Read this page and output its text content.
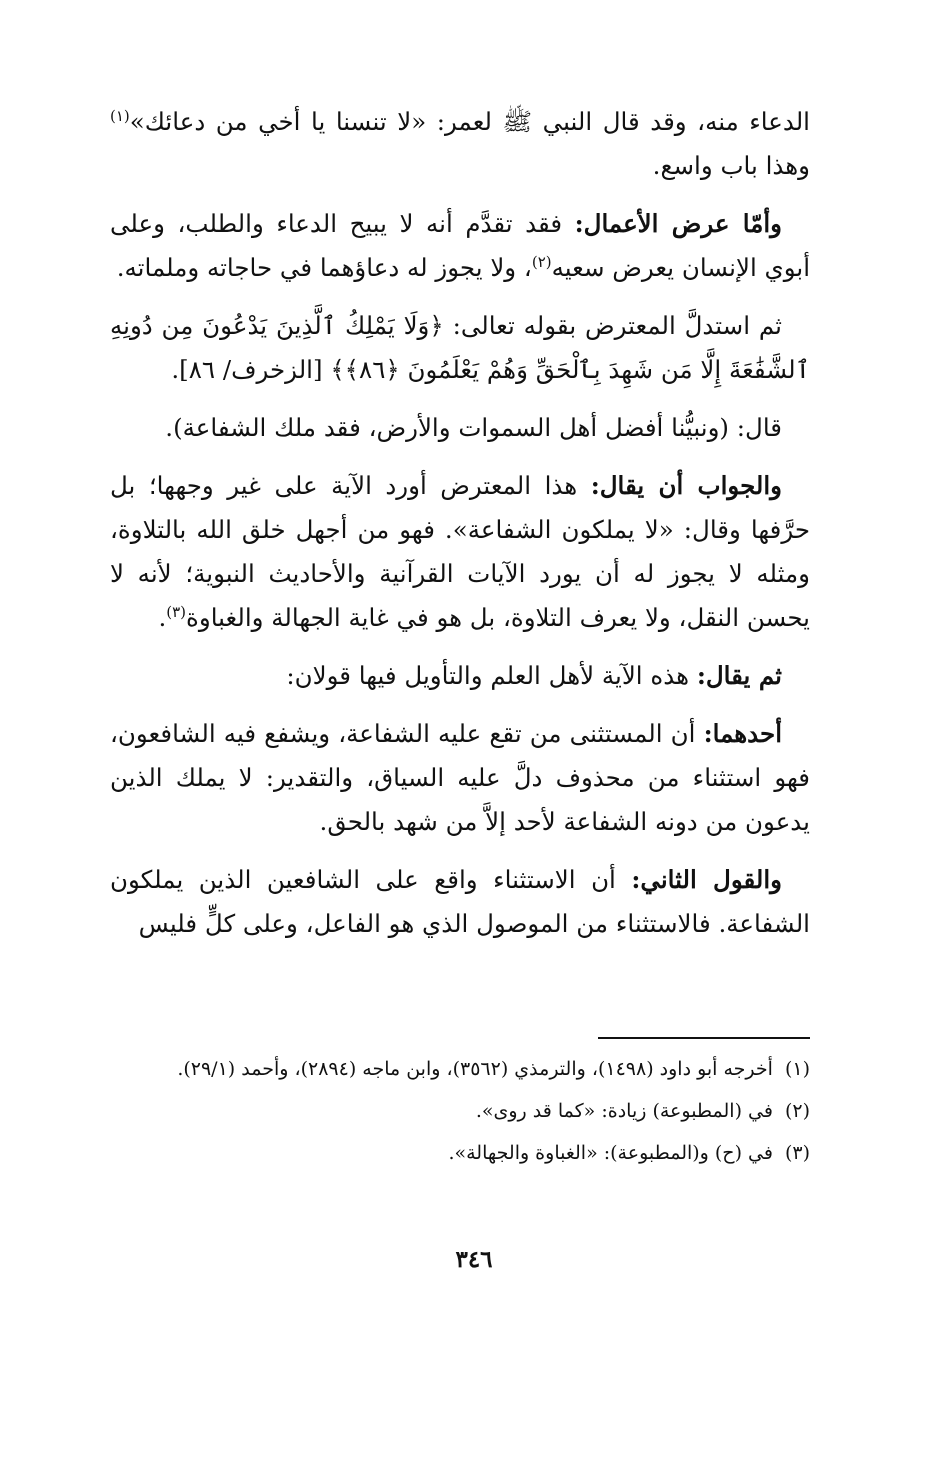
الدعاء منه، وقد قال النبي ﷺ لعمر: «لا تنسنا يا أخي من دعائك»$^{(١)}$ وهذا باب واسع.

وأمّا عرض الأعمال: فقد تقدَّم أنه لا يبيح الدعاء والطلب، وعلى أبوي الإنسان يعرض سعيه$^{(٢)}$، ولا يجوز له دعاؤهما في حاجاته وملماته.

ثم استدلَّ المعترض بقوله تعالى: ﴿وَلَا يَمْلِكُ ٱلَّذِينَ يَدْعُونَ مِن دُونِهِ ٱلشَّفَٰعَةَ إِلَّا مَن شَهِدَ بِٱلْحَقِّ وَهُمْ يَعْلَمُونَ ﴿٨٦﴾﴾ [الزخرف/ ٨٦].

قال: (ونبيُّنا أفضل أهل السموات والأرض، فقد ملك الشفاعة).

والجواب أن يقال: هذا المعترض أورد الآية على غير وجهها؛ بل حرَّفها وقال: «لا يملكون الشفاعة». فهو من أجهل خلق الله بالتلاوة، ومثله لا يجوز له أن يورد الآيات القرآنية والأحاديث النبوية؛ لأنه لا يحسن النقل، ولا يعرف التلاوة، بل هو في غاية الجهالة والغباوة$^{(٣)}$.

ثم يقال: هذه الآية لأهل العلم والتأويل فيها قولان:

أحدهما: أن المستثنى من تقع عليه الشفاعة، ويشفع فيه الشافعون، فهو استثناء من محذوف دلَّ عليه السياق، والتقدير: لا يملك الذين يدعون من دونه الشفاعة لأحد إلاَّ من شهد بالحق.

والقول الثاني: أن الاستثناء واقع على الشافعين الذين يملكون الشفاعة. فالاستثناء من الموصول الذي هو الفاعل، وعلى كلٍّ فليس

(١)أخرجه أبو داود (١٤٩٨)، والترمذي (٣٥٦٢)، وابن ماجه (٢٨٩٤)، وأحمد (٢٩/١).

(٢)في (المطبوعة) زيادة: «كما قد روى».

(٣)في (ح) و(المطبوعة): «الغباوة والجهالة».

٣٤٦
